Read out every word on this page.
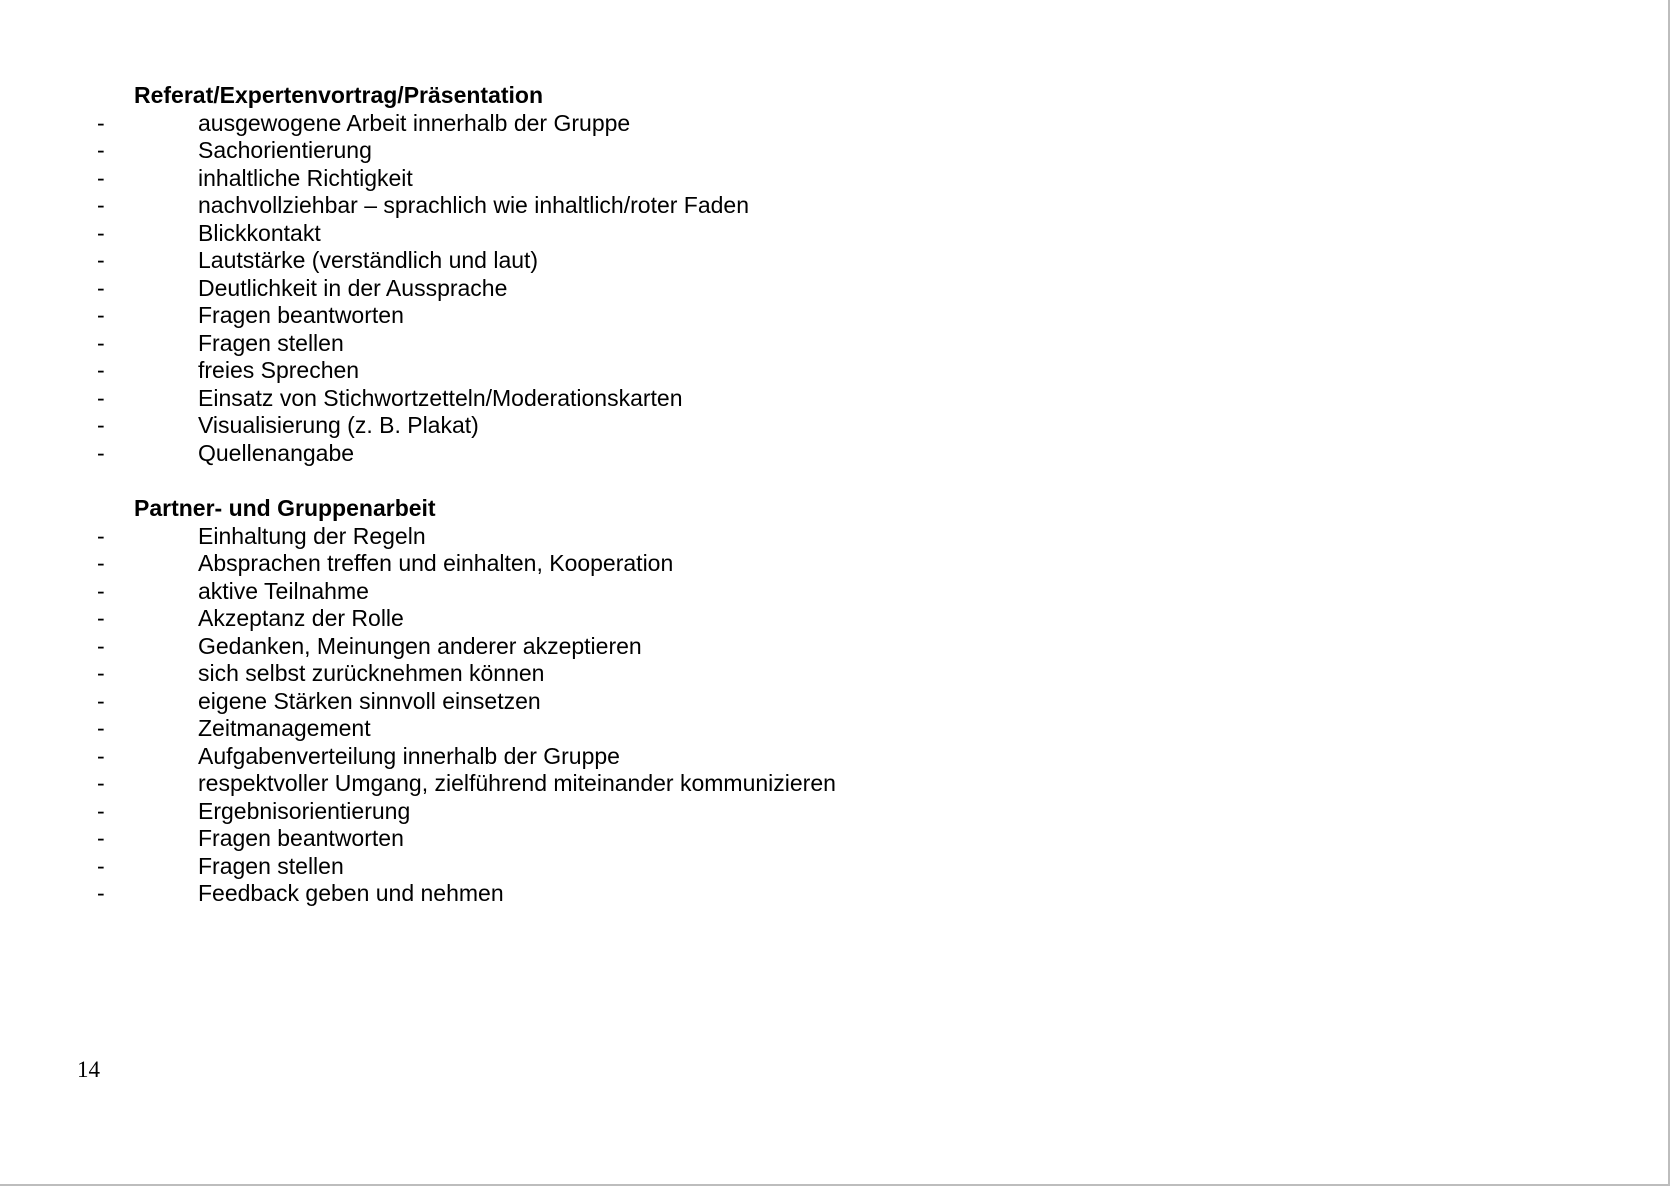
Referat/Expertenvortrag/Präsentation
-	ausgewogene Arbeit innerhalb der Gruppe
-	Sachorientierung
-	inhaltliche Richtigkeit
-	nachvollziehbar – sprachlich wie inhaltlich/roter Faden
-	Blickkontakt
-	Lautstärke (verständlich und laut)
-	Deutlichkeit in der Aussprache
-	Fragen beantworten
-	Fragen stellen
-	freies Sprechen
-	Einsatz von Stichwortzetteln/Moderationskarten
-	Visualisierung (z. B. Plakat)
-	Quellenangabe
Partner- und Gruppenarbeit
-	Einhaltung der Regeln
-	Absprachen treffen und einhalten, Kooperation
-	aktive Teilnahme
-	Akzeptanz der Rolle
-	Gedanken, Meinungen anderer akzeptieren
-	sich selbst zurücknehmen können
-	eigene Stärken sinnvoll einsetzen
-	Zeitmanagement
-	Aufgabenverteilung innerhalb der Gruppe
-	respektvoller Umgang, zielführend miteinander kommunizieren
-	Ergebnisorientierung
-	Fragen beantworten
-	Fragen stellen
-	Feedback geben und nehmen
14
